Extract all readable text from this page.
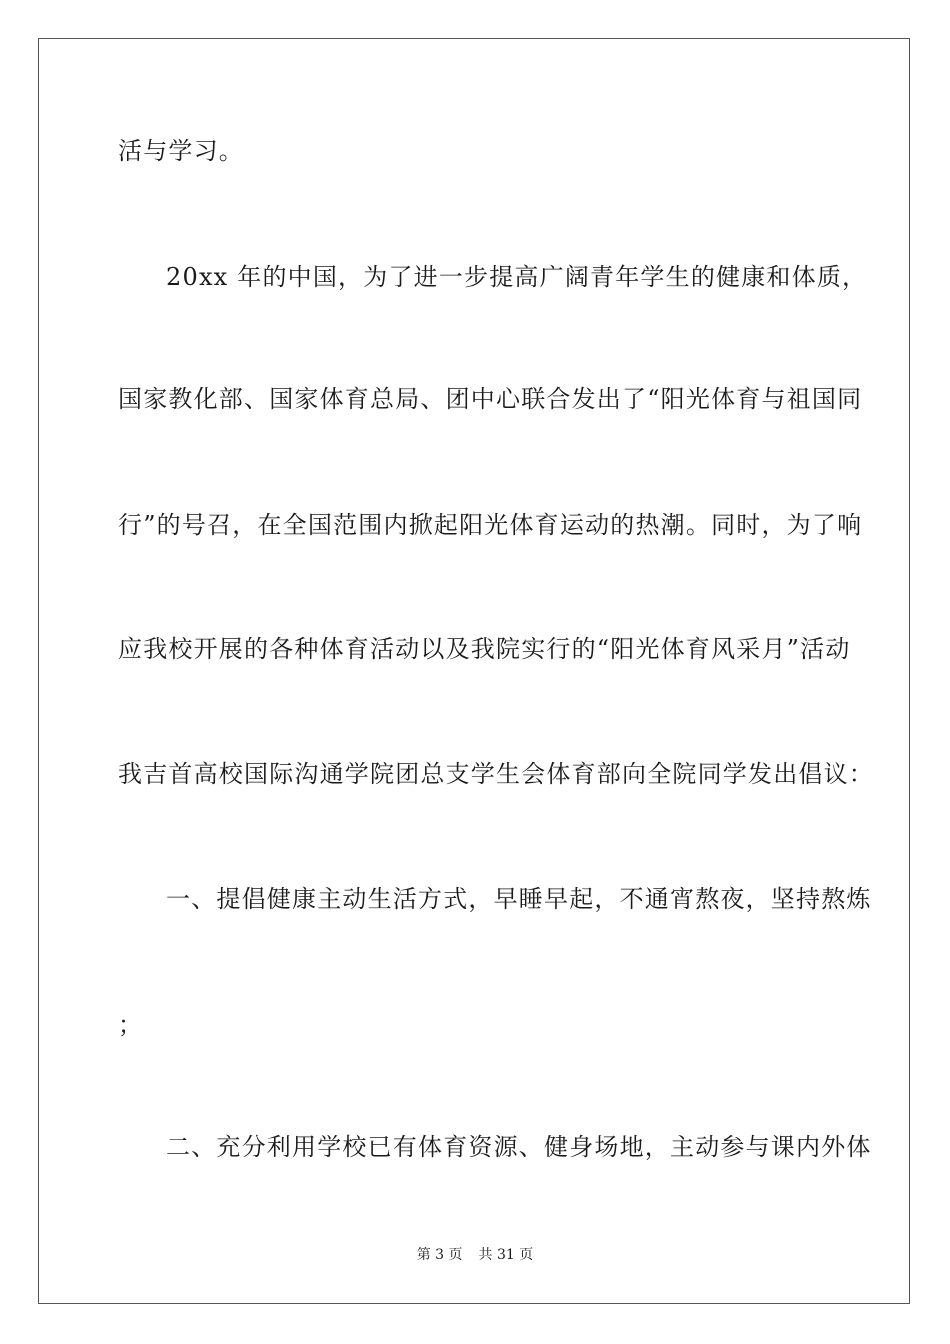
活与学习。
20xx 年的中国，为了进一步提高广阔青年学生的健康和体质，
国家教化部、国家体育总局、团中心联合发出了“阳光体育与祖国同
行”的号召，在全国范围内掀起阳光体育运动的热潮。同时，为了响
应我校开展的各种体育活动以及我院实行的“阳光体育风采月”活动
我吉首高校国际沟通学院团总支学生会体育部向全院同学发出倡议：
一、提倡健康主动生活方式，早睡早起，不通宵熬夜，坚持熬炼
；
二、充分利用学校已有体育资源、健身场地，主动参与课内外体
第 3 页 共 31 页
